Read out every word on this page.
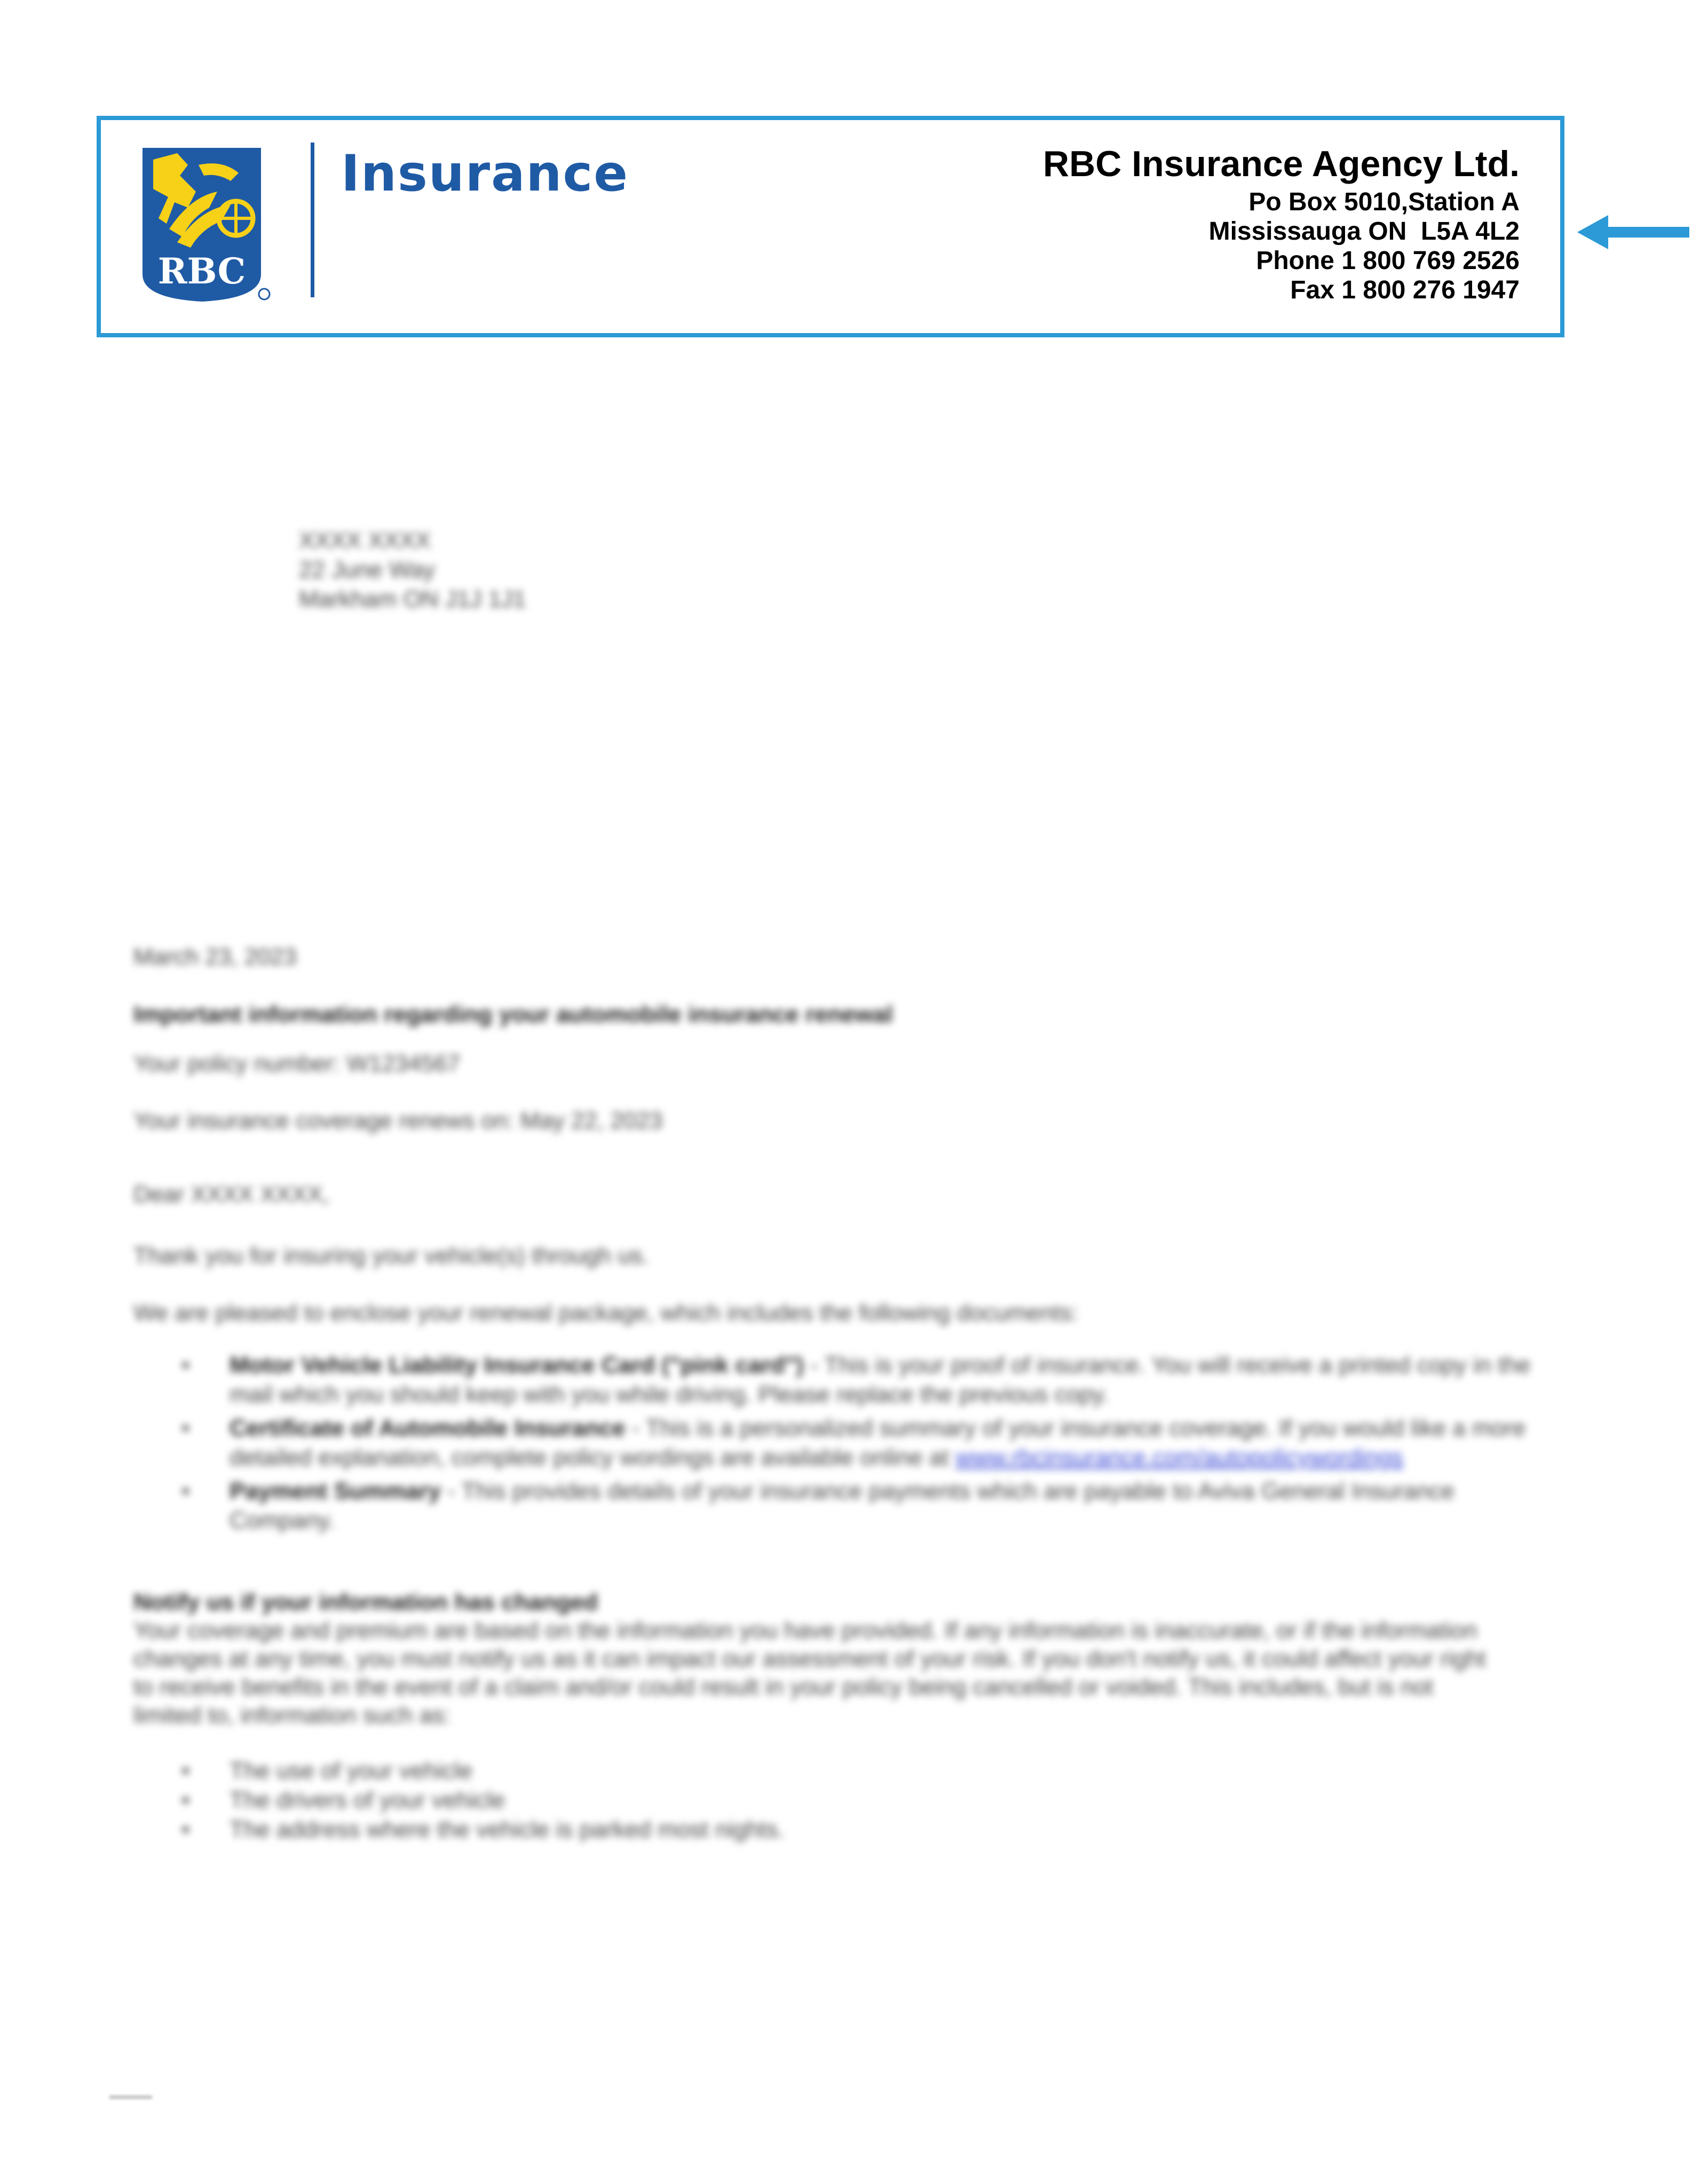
RBC
Insurance	RBC Insurance Agency Ltd.
Po Box 5010,Station A
Mississauga ON  L5A 4L2
Phone 1 800 769 2526
Fax 1 800 276 1947
XXXX XXXX
22 June Way
Markham ON J1J 1J1
March 23, 2023
Important information regarding your automobile insurance renewal
Your policy number: W1234567
Your insurance coverage renews on: May 22, 2023
Dear XXXX XXXX,
Thank you for insuring your vehicle(s) through us.
We are pleased to enclose your renewal package, which includes the following documents:
• Motor Vehicle Liability Insurance Card ("pink card") - This is your proof of insurance. You will receive a printed copy in the mail which you should keep with you while driving. Please replace the previous copy.
• Certificate of Automobile Insurance - This is a personalized summary of your insurance coverage. If you would like a more detailed explanation, complete policy wordings are available online at www.rbcinsurance.com/autopolicywordings
• Payment Summary - This provides details of your insurance payments which are payable to Aviva General Insurance Company.
Notify us if your information has changed
Your coverage and premium are based on the information you have provided. If any information is inaccurate, or if the information changes at any time, you must notify us as it can impact our assessment of your risk. If you don't notify us, it could affect your right to receive benefits in the event of a claim and/or could result in your policy being cancelled or voided. This includes, but is not limited to, information such as:
• The use of your vehicle
• The drivers of your vehicle
• The address where the vehicle is parked most nights.
